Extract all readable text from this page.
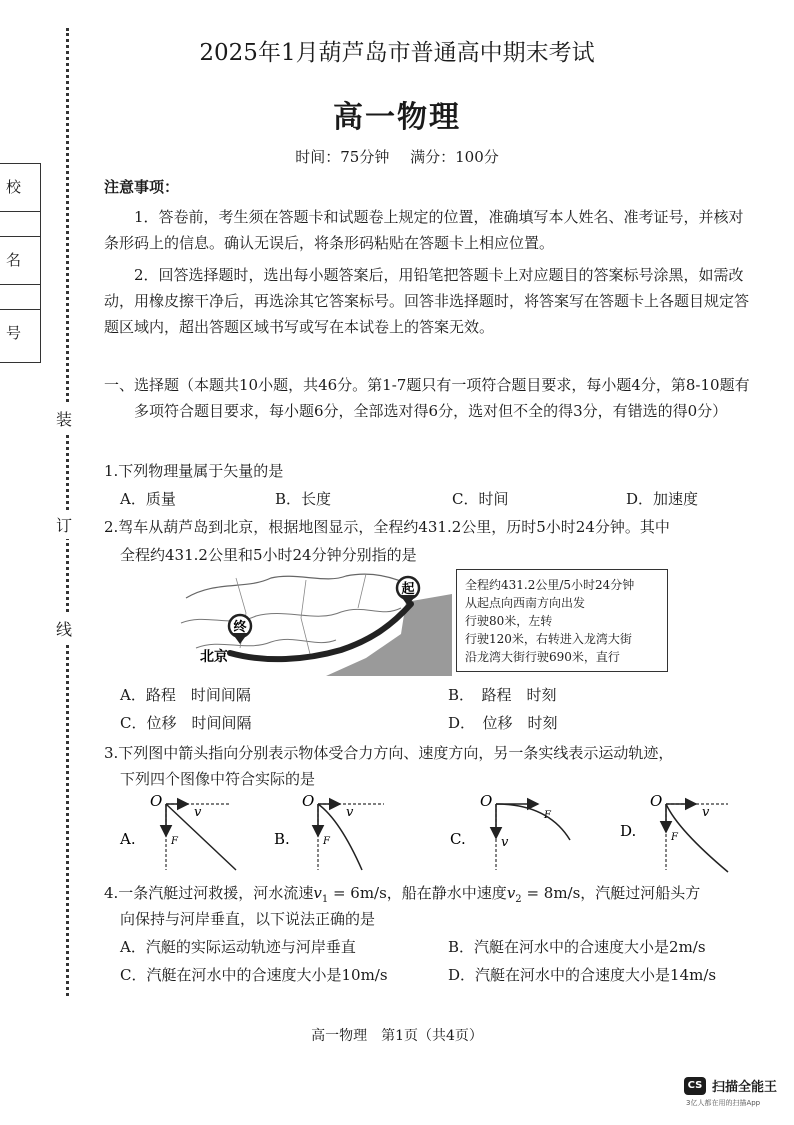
校
名
号
装
订
线
2025年1月葫芦岛市普通高中期末考试
高一物理
时间：75分钟 满分：100分
注意事项：
1．答卷前，考生须在答题卡和试题卷上规定的位置，准确填写本人姓名、准考证号，并核对条形码上的信息。确认无误后，将条形码粘贴在答题卡上相应位置。
2．回答选择题时，选出每小题答案后，用铅笔把答题卡上对应题目的答案标号涂黑，如需改动，用橡皮擦干净后，再选涂其它答案标号。回答非选择题时，将答案写在答题卡上各题目规定答题区域内，超出答题区域书写或写在本试卷上的答案无效。
一、选择题（本题共10小题，共46分。第1-7题只有一项符合题目要求，每小题4分，第8-10题有多项符合题目要求，每小题6分，全部选对得6分，选对但不全的得3分，有错选的得0分）
1.下列物理量属于矢量的是
A．质量	B．长度	C．时间	D．加速度
2.驾车从葫芦岛到北京，根据地图显示，全程约431.2公里，历时5小时24分钟。其中
全程约431.2公里和5小时24分钟分别指的是
起
终
北京
全程约431.2公里/5小时24分钟
从起点向西南方向出发
行驶80米，左转
行驶120米，右转进入龙湾大街
沿龙湾大街行驶690米，直行
A．路程　时间间隔	B．　路程　时刻
C．位移　时间间隔	D．　位移　时刻
3.下列图中箭头指向分别表示物体受合力方向、速度方向，另一条实线表示运动轨迹，
下列四个图像中符合实际的是
A.
O
v
F	B.
O
v
F	C.
O
v
F
D.
O
v
F
4.一条汽艇过河救援，河水流速$v_1 = 6m/s$，船在静水中速度$v_2 = 8m/s$，汽艇过河船头方
向保持与河岸垂直，以下说法正确的是
A．汽艇的实际运动轨迹与河岸垂直	B．汽艇在河水中的合速度大小是2m/s
C．汽艇在河水中的合速度大小是10m/s	D．汽艇在河水中的合速度大小是14m/s
高一物理　第1页（共4页）
CS 扫描全能王
3亿人都在用的扫描App
